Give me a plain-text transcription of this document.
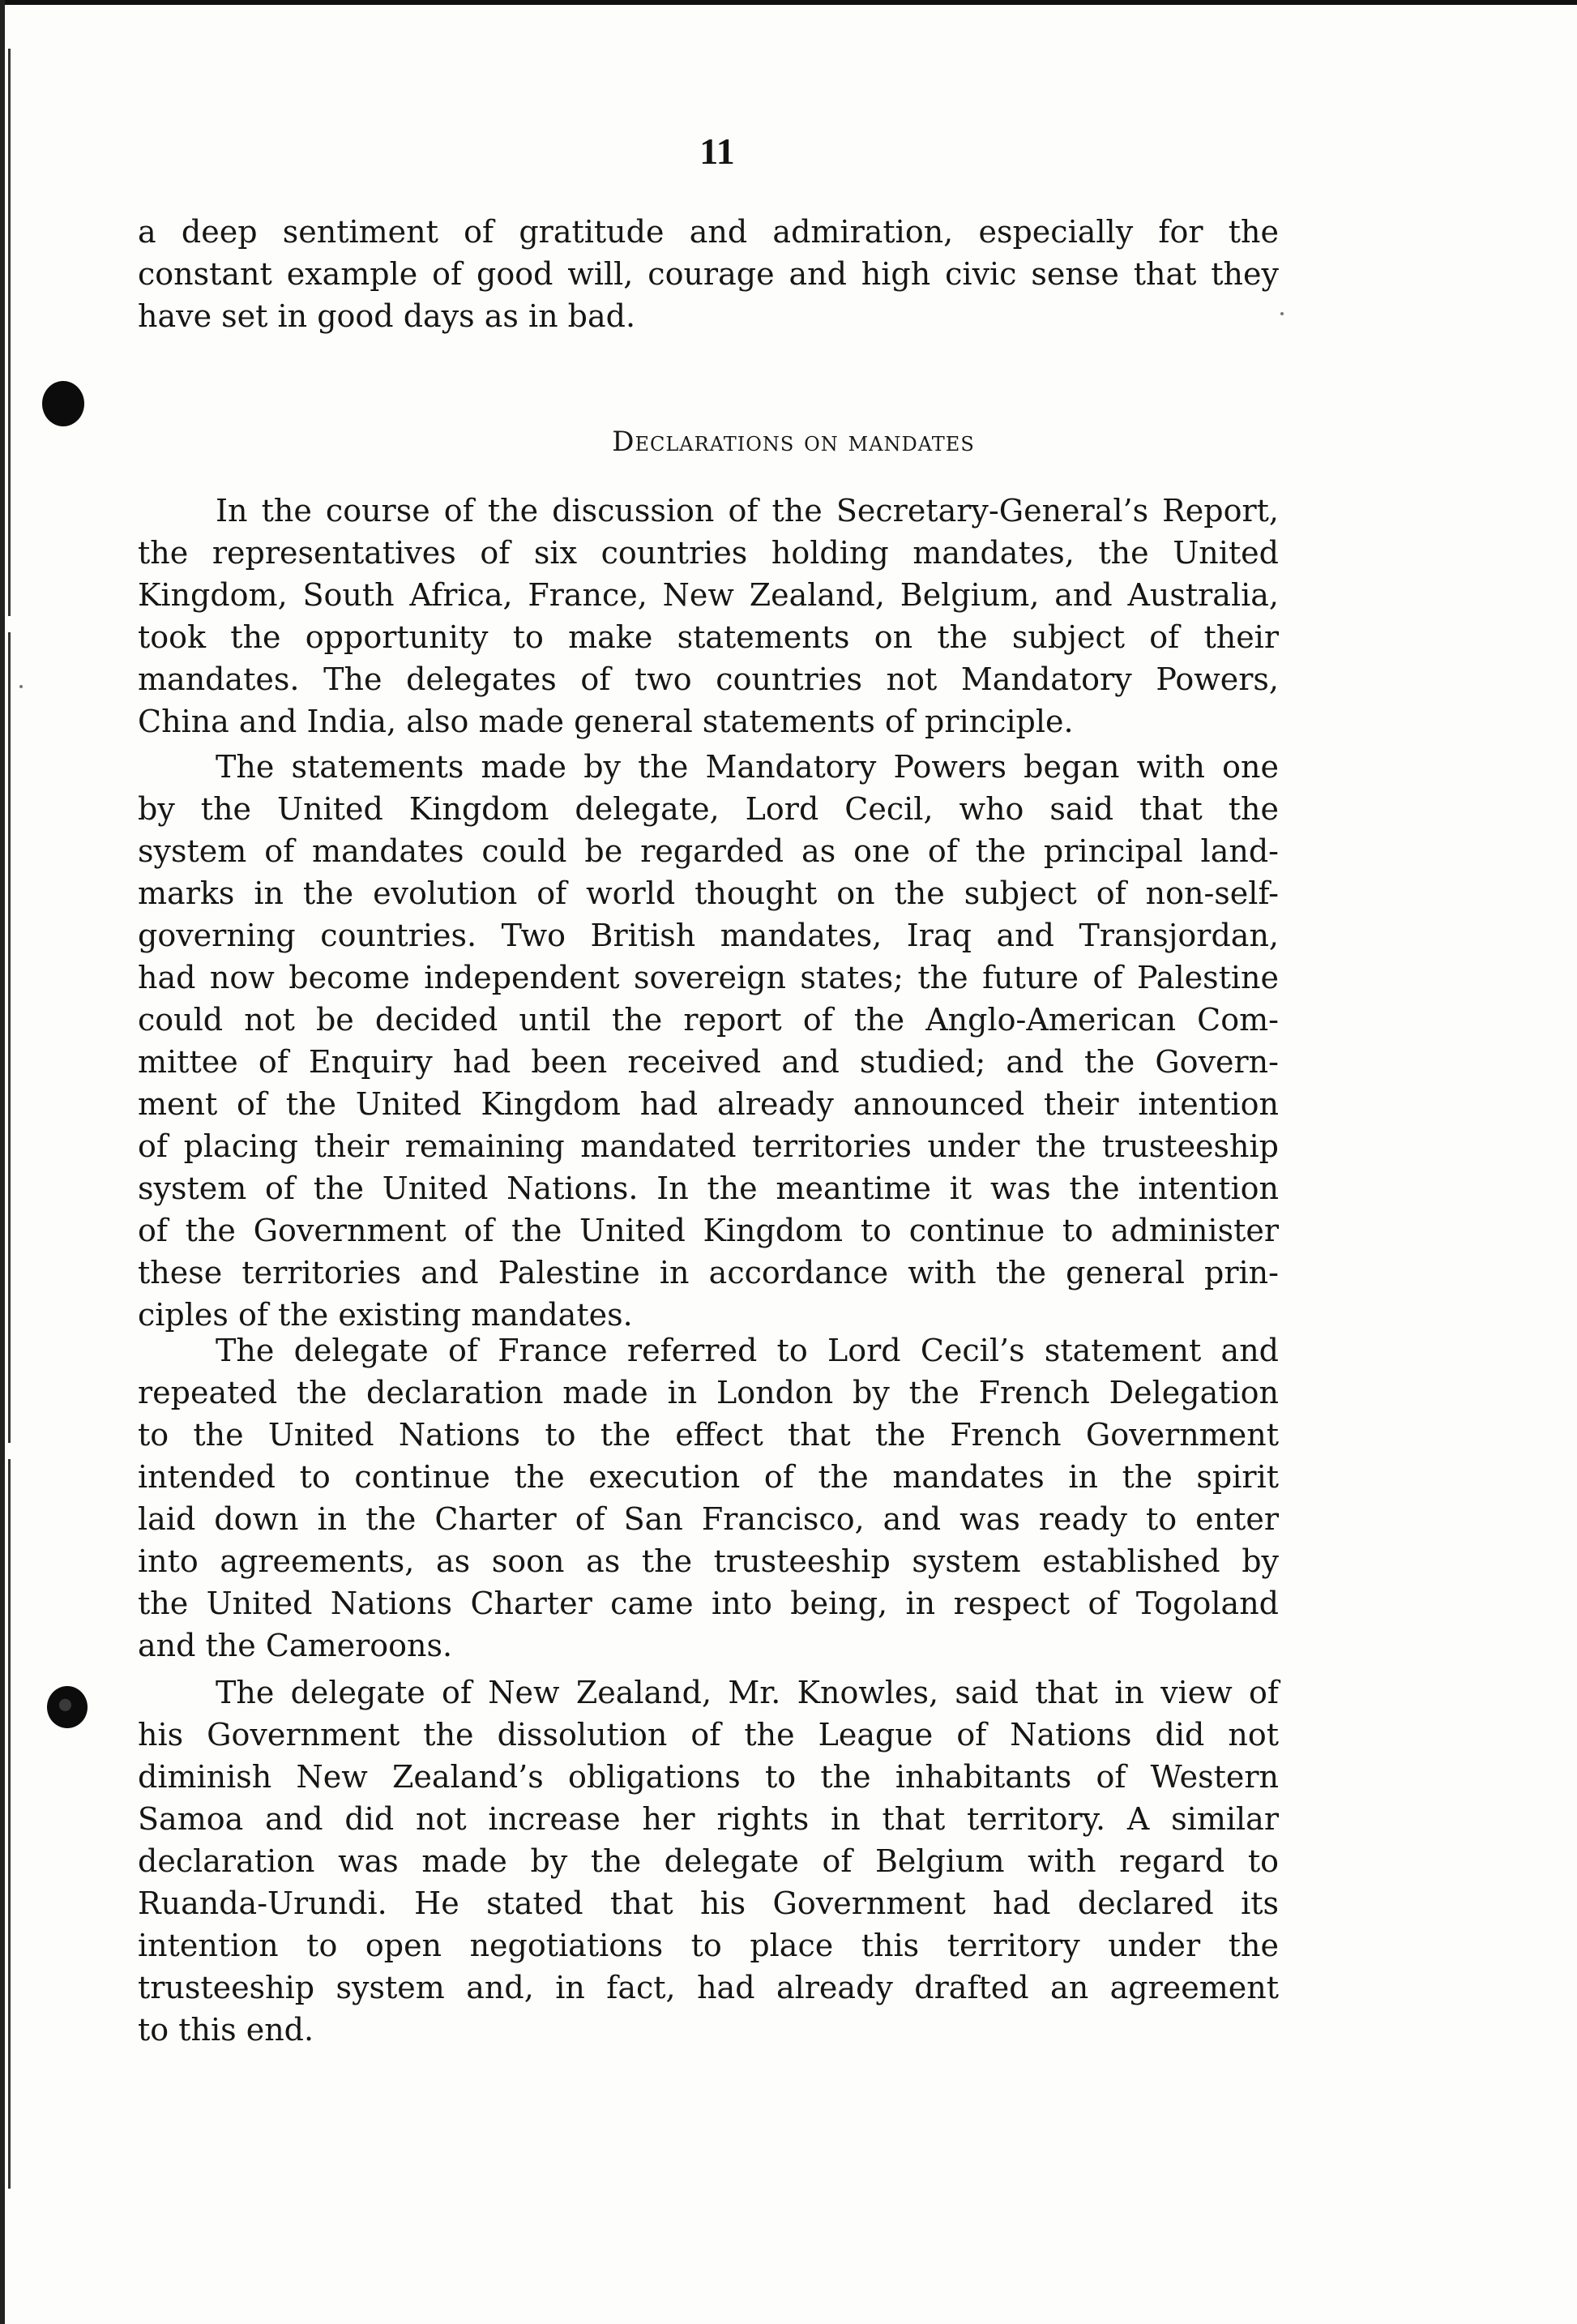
11
a deep sentiment of gratitude and admiration, especially for the
constant example of good will, courage and high civic sense that they
have set in good days as in bad.
Declarations on mandates
In the course of the discussion of the Secretary-General’s Report,
the representatives of six countries holding mandates, the United
Kingdom, South Africa, France, New Zealand, Belgium, and Australia,
took the opportunity to make statements on the subject of their
mandates. The delegates of two countries not Mandatory Powers,
China and India, also made general statements of principle.
The statements made by the Mandatory Powers began with one
by the United Kingdom delegate, Lord Cecil, who said that the
system of mandates could be regarded as one of the principal land-
marks in the evolution of world thought on the subject of non-self-
governing countries. Two British mandates, Iraq and Transjordan,
had now become independent sovereign states; the future of Palestine
could not be decided until the report of the Anglo-American Com-
mittee of Enquiry had been received and studied; and the Govern-
ment of the United Kingdom had already announced their intention
of placing their remaining mandated territories under the trusteeship
system of the United Nations. In the meantime it was the intention
of the Government of the United Kingdom to continue to administer
these territories and Palestine in accordance with the general prin-
ciples of the existing mandates.
The delegate of France referred to Lord Cecil’s statement and
repeated the declaration made in London by the French Delegation
to the United Nations to the effect that the French Government
intended to continue the execution of the mandates in the spirit
laid down in the Charter of San Francisco, and was ready to enter
into agreements, as soon as the trusteeship system established by
the United Nations Charter came into being, in respect of Togoland
and the Cameroons.
The delegate of New Zealand, Mr. Knowles, said that in view of
his Government the dissolution of the League of Nations did not
diminish New Zealand’s obligations to the inhabitants of Western
Samoa and did not increase her rights in that territory. A similar
declaration was made by the delegate of Belgium with regard to
Ruanda-Urundi. He stated that his Government had declared its
intention to open negotiations to place this territory under the
trusteeship system and, in fact, had already drafted an agreement
to this end.
